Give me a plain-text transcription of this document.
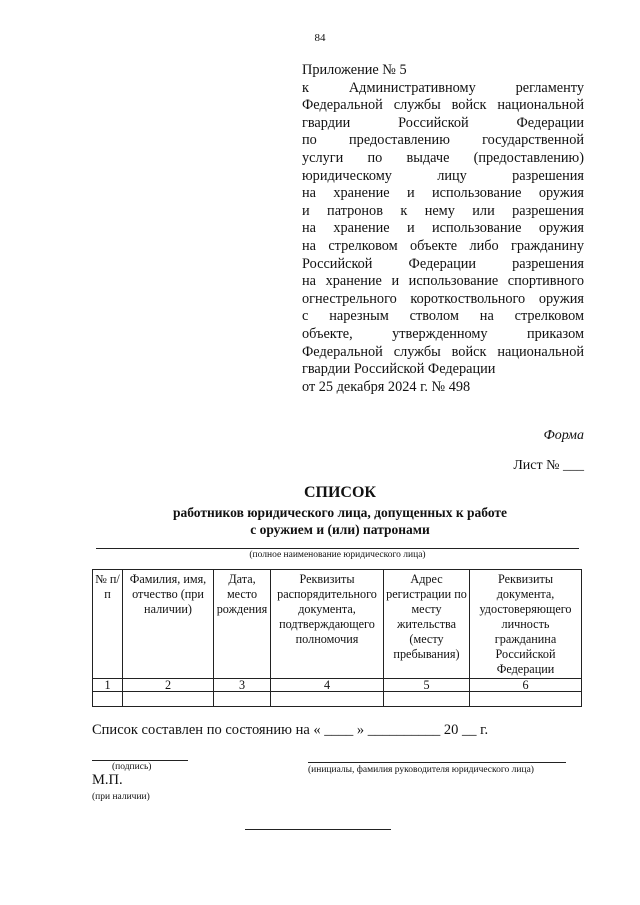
84
Приложение № 5
к Административному регламенту
Федеральной службы войск национальной
гвардии Российской Федерации
по предоставлению государственной
услуги по выдаче (предоставлению)
юридическому лицу разрешения
на хранение и использование оружия
и патронов к нему или разрешения
на хранение и использование оружия
на стрелковом объекте либо гражданину
Российской Федерации разрешения
на хранение и использование спортивного
огнестрельного короткоствольного оружия
с нарезным стволом на стрелковом
объекте, утвержденному приказом
Федеральной службы войск национальной
гвардии Российской Федерации
от 25 декабря 2024 г. № 498
Форма
Лист № ___
СПИСОК
работников юридического лица, допущенных к работе
с оружием и (или) патронами
(полное наименование юридического лица)
№ п/п	Фамилия, имя, отчество (при наличии)	Дата, место рождения	Реквизиты распорядительного документа, подтверждающего полномочия	Адрес регистрации по месту жительства (месту пребывания)	Реквизиты документа, удостоверяющего личность гражданина Российской Федерации
1	2	3	4	5	6

Список составлен по состоянию на « ____ » __________ 20 __ г.
(подпись)	(инициалы, фамилия руководителя юридического лица)
М.П.
(при наличии)
